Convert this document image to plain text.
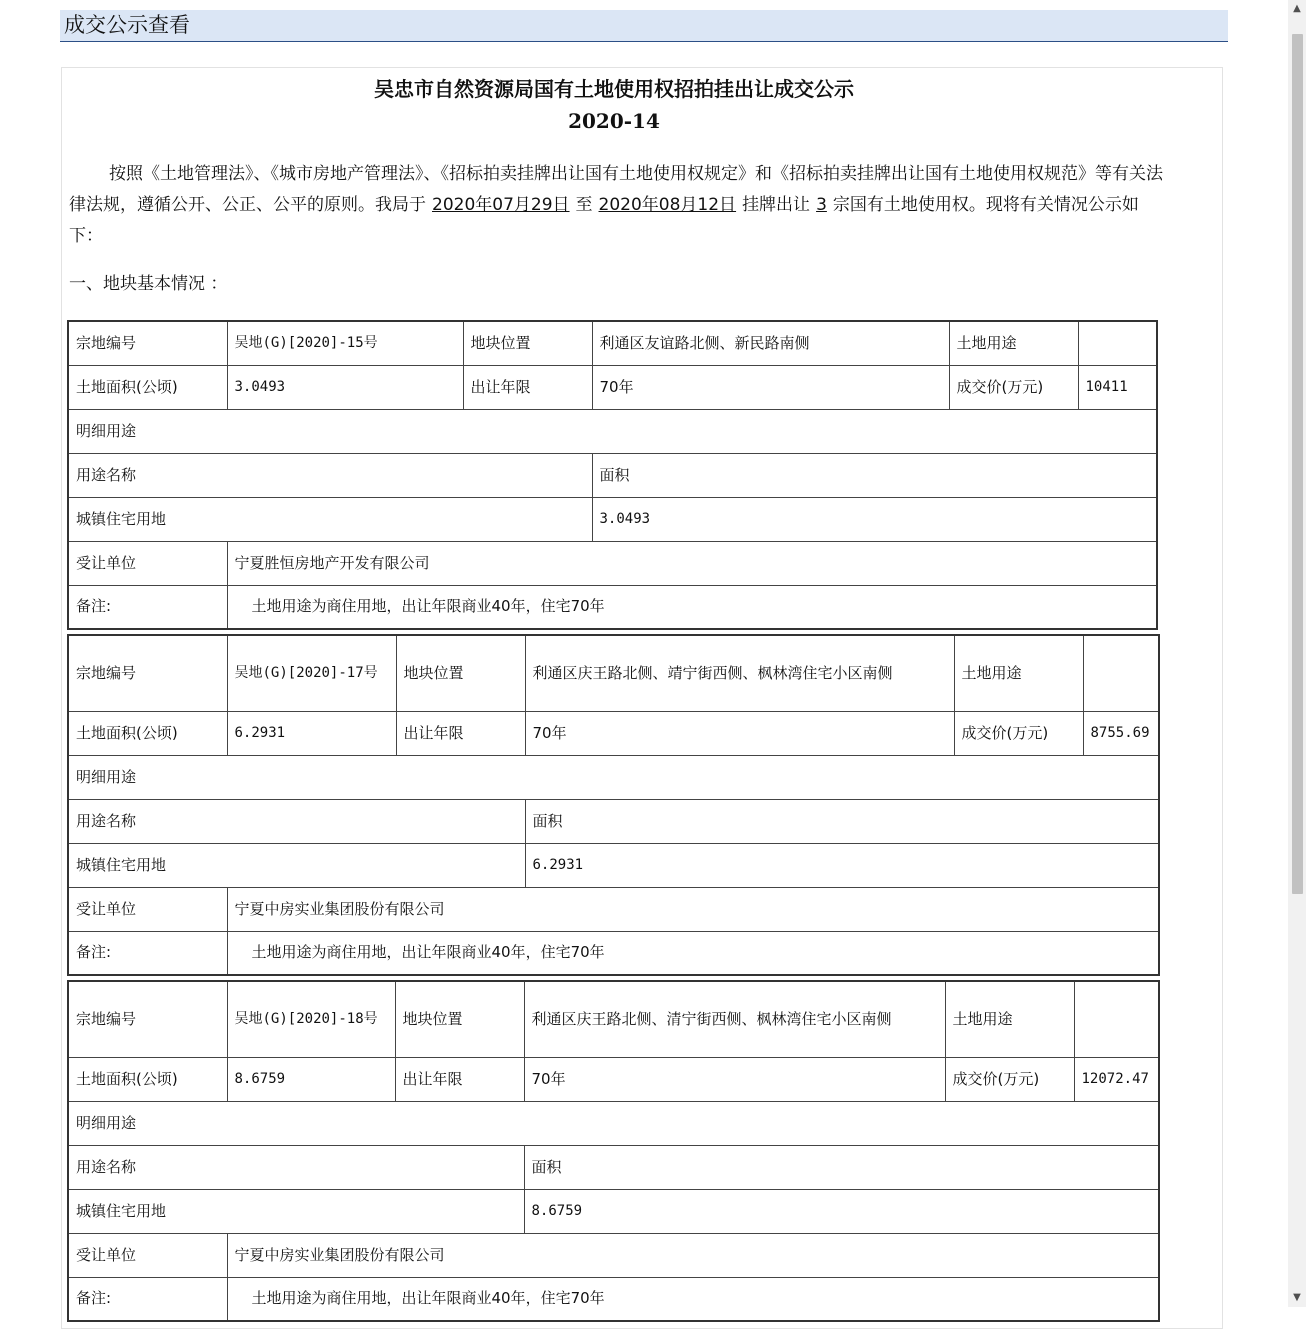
成交公示查看
吴忠市自然资源局国有土地使用权招拍挂出让成交公示
2020-14
按照《土地管理法》、《城市房地产管理法》、《招标拍卖挂牌出让国有土地使用权规定》和《招标拍卖挂牌出让国有土地使用权规范》等有关法律法规，遵循公开、公正、公平的原则。我局于 2020年07月29日 至 2020年08月12日 挂牌出让 3 宗国有土地使用权。现将有关情况公示如下：
一、地块基本情况 ：
宗地编号	吴地(G)[2020]-15号	地块位置	利通区友谊路北侧、新民路南侧	土地用途	
土地面积(公顷)	3.0493	出让年限	70年	成交价(万元)	10411
明细用途					
用途名称			面积		
城镇住宅用地			3.0493		
受让单位	宁夏胜恒房地产开发有限公司				
备注:	土地用途为商住用地，出让年限商业40年，住宅70年				
宗地编号	吴地(G)[2020]-17号	地块位置	利通区庆王路北侧、靖宁街西侧、枫林湾住宅小区南侧	土地用途	
土地面积(公顷)	6.2931	出让年限	70年	成交价(万元)	8755.69
明细用途					
用途名称			面积		
城镇住宅用地			6.2931		
受让单位	宁夏中房实业集团股份有限公司				
备注:	土地用途为商住用地，出让年限商业40年，住宅70年				
宗地编号	吴地(G)[2020]-18号	地块位置	利通区庆王路北侧、清宁街西侧、枫林湾住宅小区南侧	土地用途	
土地面积(公顷)	8.6759	出让年限	70年	成交价(万元)	12072.47
明细用途					
用途名称			面积		
城镇住宅用地			8.6759		
受让单位	宁夏中房实业集团股份有限公司				
备注:	土地用途为商住用地，出让年限商业40年，住宅70年				
▲
▼
